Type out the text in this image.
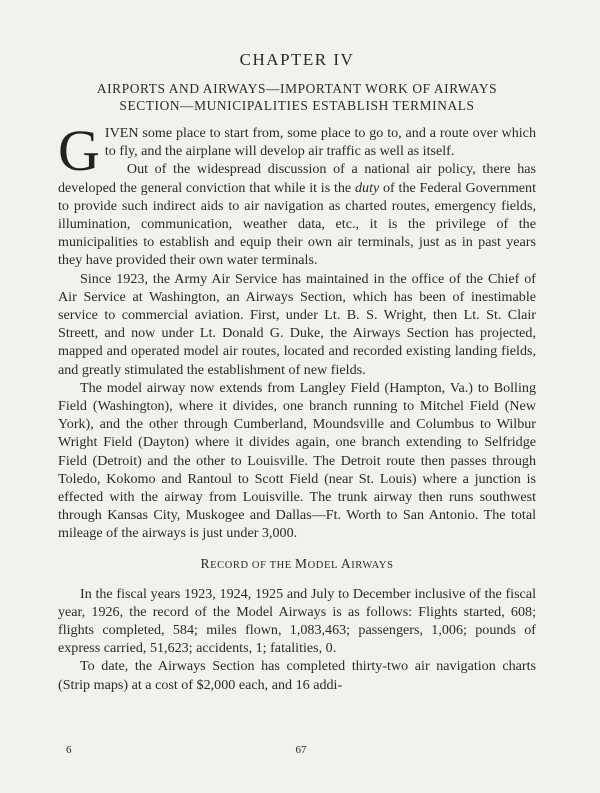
CHAPTER IV
AIRPORTS AND AIRWAYS—IMPORTANT WORK OF AIRWAYS
SECTION—MUNICIPALITIES ESTABLISH TERMINALS

GIVEN some place to start from, some place to go to, and a route over which to fly, and the airplane will develop air traffic as well as itself.

Out of the widespread discussion of a national air policy, there has developed the general conviction that while it is the duty of the Federal Government to provide such indirect aids to air navigation as charted routes, emergency fields, illumination, communication, weather data, etc., it is the privilege of the municipalities to establish and equip their own air terminals, just as in past years they have provided their own water terminals.

Since 1923, the Army Air Service has maintained in the office of the Chief of Air Service at Washington, an Airways Section, which has been of inestimable service to commercial aviation. First, under Lt. B. S. Wright, then Lt. St. Clair Streett, and now under Lt. Donald G. Duke, the Airways Section has projected, mapped and operated model air routes, located and recorded existing landing fields, and greatly stimulated the establishment of new fields.

The model airway now extends from Langley Field (Hampton, Va.) to Bolling Field (Washington), where it divides, one branch running to Mitchel Field (New York), and the other through Cumberland, Moundsville and Columbus to Wilbur Wright Field (Dayton) where it divides again, one branch extending to Selfridge Field (Detroit) and the other to Louisville. The Detroit route then passes through Toledo, Kokomo and Rantoul to Scott Field (near St. Louis) where a junction is effected with the airway from Louisville. The trunk airway then runs southwest through Kansas City, Muskogee and Dallas—Ft. Worth to San Antonio. The total mileage of the airways is just under 3,000.

RECORD OF THE MODEL AIRWAYS

In the fiscal years 1923, 1924, 1925 and July to December inclusive of the fiscal year, 1926, the record of the Model Airways is as follows: Flights started, 608; flights completed, 584; miles flown, 1,083,463; passengers, 1,006; pounds of express carried, 51,623; accidents, 1; fatalities, 0.

To date, the Airways Section has completed thirty-two air navigation charts (Strip maps) at a cost of $2,000 each, and 16 addi-

6	67
